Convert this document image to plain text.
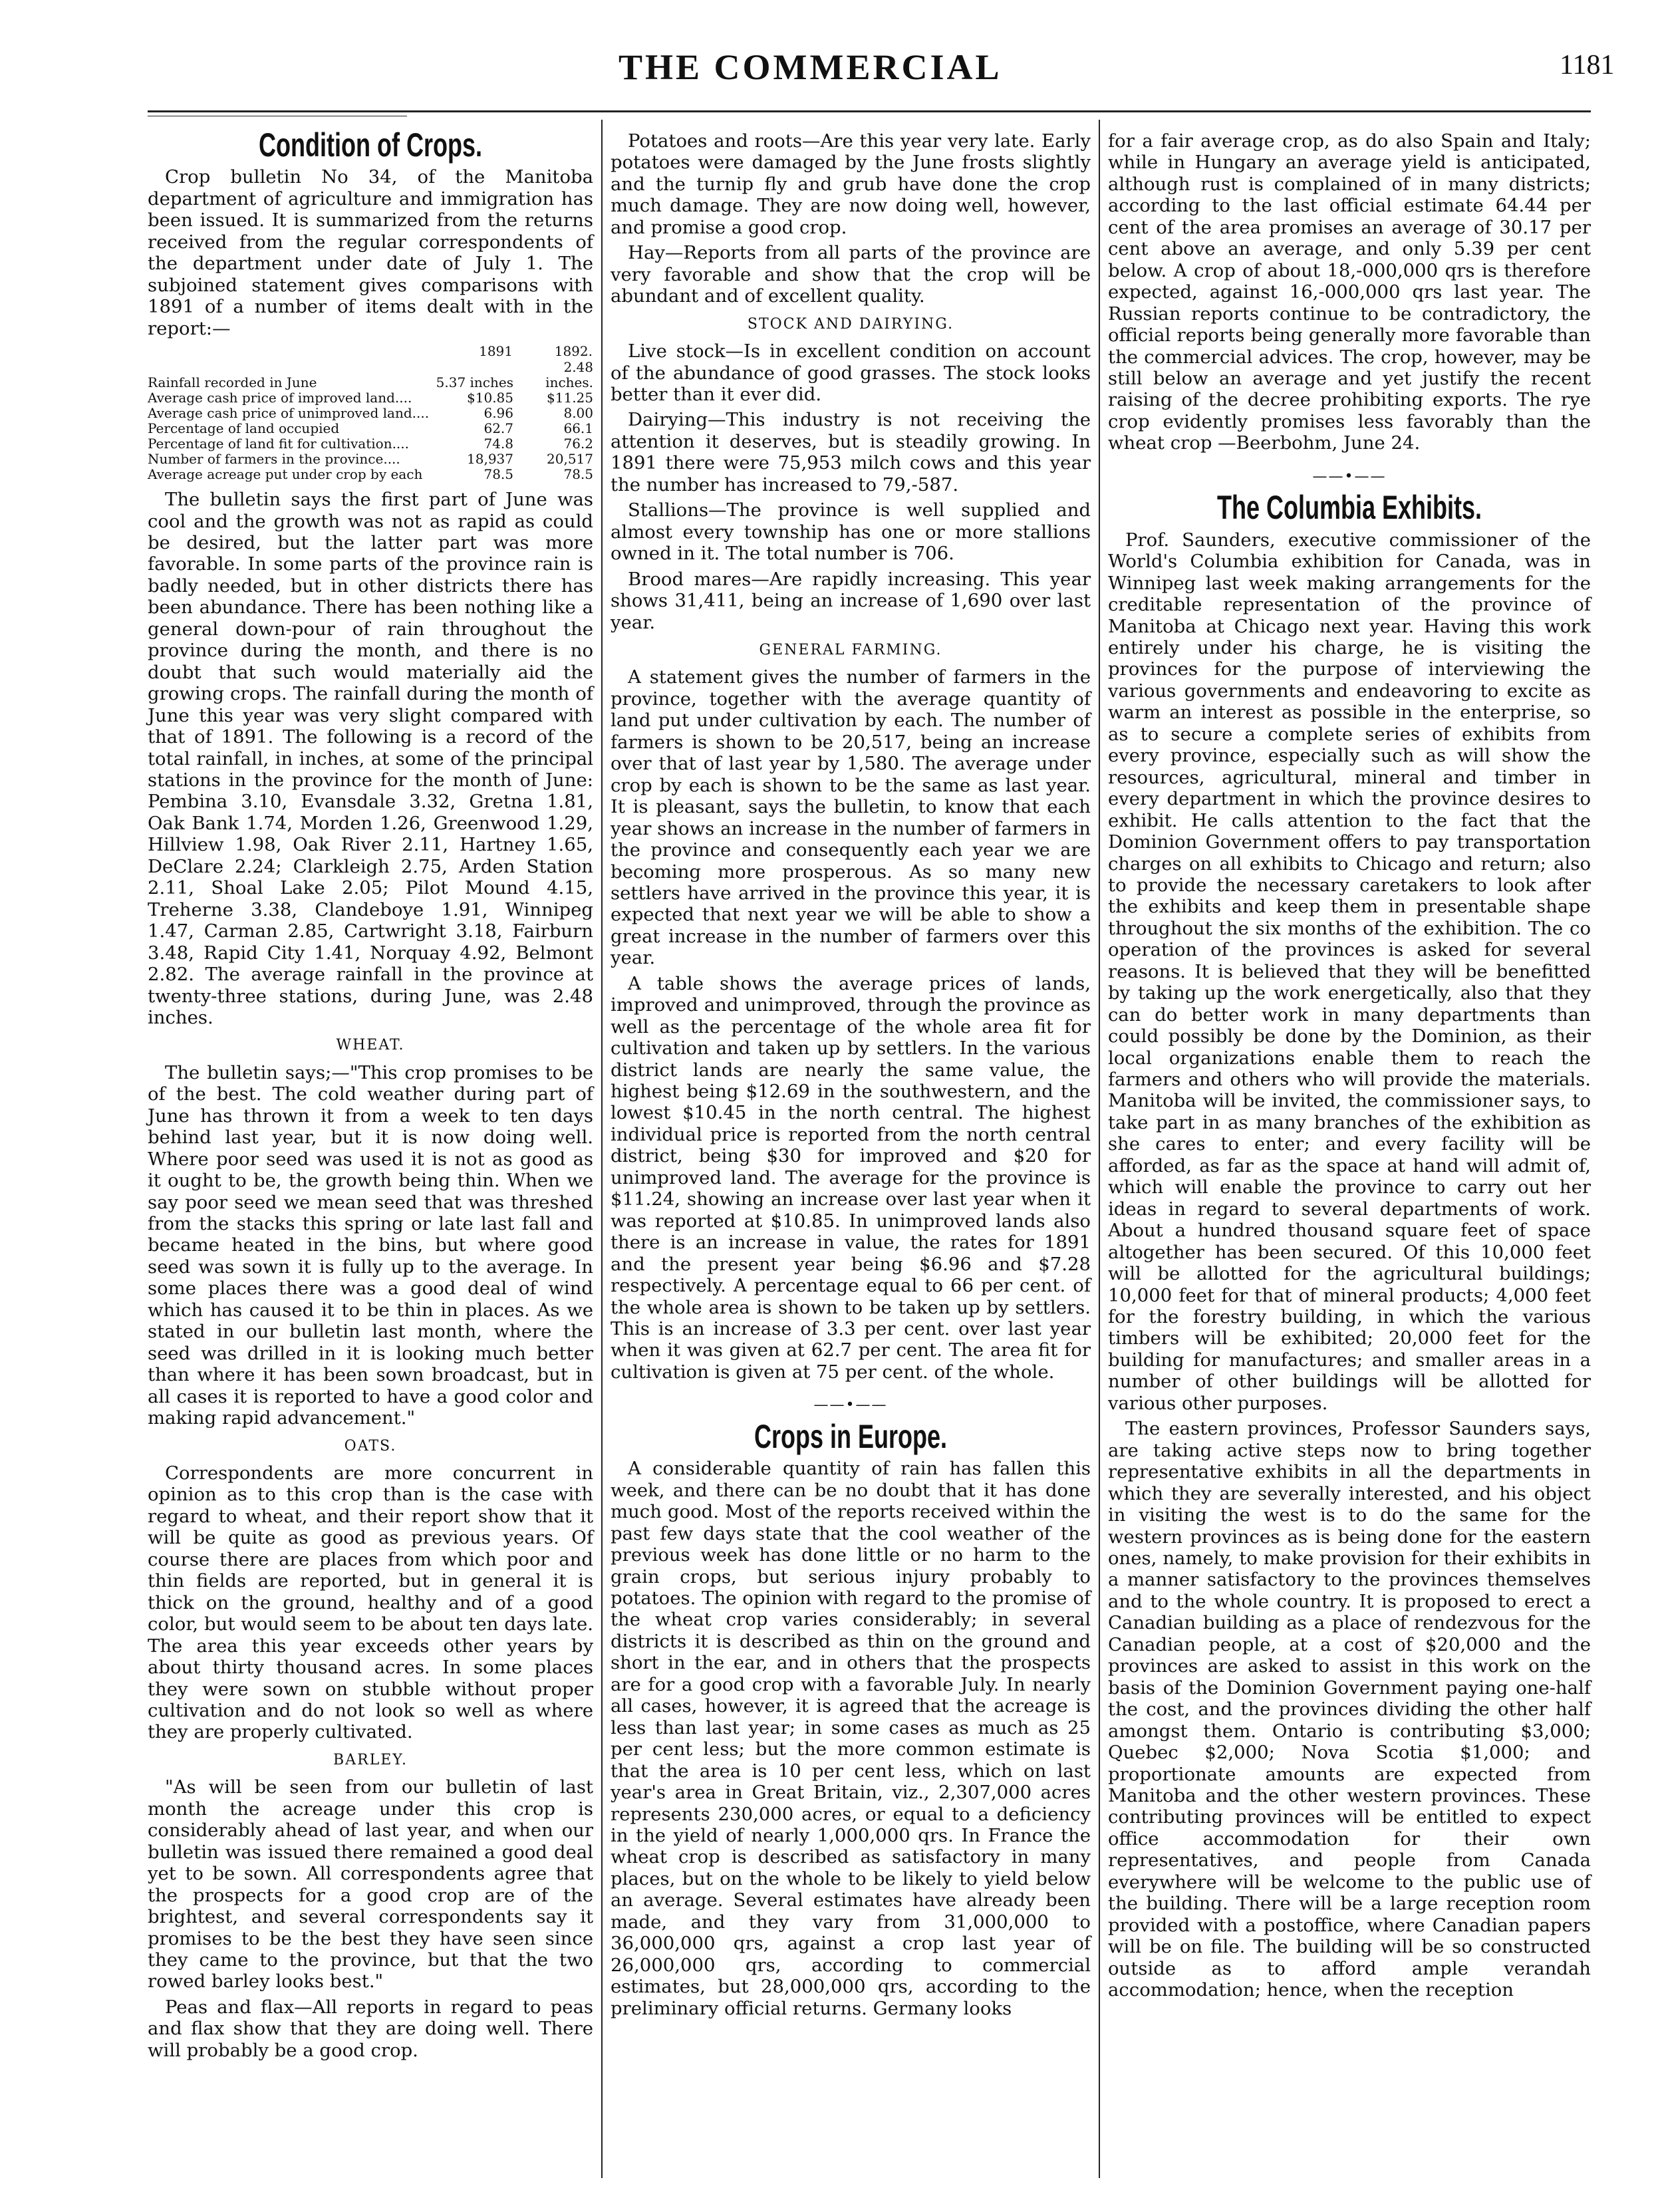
THE COMMERCIAL	1181
Condition of Crops.

Crop bulletin No 34, of the Manitoba department of agriculture and immigration has been issued. It is summarized from the returns received from the regular correspondents of the department under date of July 1. The subjoined statement gives comparisons with 1891 of a number of items dealt with in the report:—

	1891	1892.
Rainfall recorded in June	5.37 inches	2.48 inches.
Average cash price of improved land....	$10.85	$11.25
Average cash price of unimproved land....	6.96	8.00
Percentage of land occupied	62.7	66.1
Percentage of land fit for cultivation....	74.8	76.2
Number of farmers in the province....	18,937	20,517
Average acreage put under crop by each	78.5	78.5

The bulletin says the first part of June was cool and the growth was not as rapid as could be desired, but the latter part was more favorable. In some parts of the province rain is badly needed, but in other districts there has been abundance. There has been nothing like a general down-pour of rain throughout the province during the month, and there is no doubt that such would materially aid the growing crops. The rainfall during the month of June this year was very slight compared with that of 1891. The following is a record of the total rainfall, in inches, at some of the principal stations in the province for the month of June: Pembina 3.10, Evansdale 3.32, Gretna 1.81, Oak Bank 1.74, Morden 1.26, Greenwood 1.29, Hillview 1.98, Oak River 2.11, Hartney 1.65, DeClare 2.24; Clarkleigh 2.75, Arden Station 2.11, Shoal Lake 2.05; Pilot Mound 4.15, Treherne 3.38, Clandeboye 1.91, Winnipeg 1.47, Carman 2.85, Cartwright 3.18, Fairburn 3.48, Rapid City 1.41, Norquay 4.92, Belmont 2.82. The average rainfall in the province at twenty-three stations, during June, was 2.48 inches.

WHEAT.

The bulletin says;—"This crop promises to be of the best. The cold weather during part of June has thrown it from a week to ten days behind last year, but it is now doing well. Where poor seed was used it is not as good as it ought to be, the growth being thin. When we say poor seed we mean seed that was threshed from the stacks this spring or late last fall and became heated in the bins, but where good seed was sown it is fully up to the average. In some places there was a good deal of wind which has caused it to be thin in places. As we stated in our bulletin last month, where the seed was drilled in it is looking much better than where it has been sown broadcast, but in all cases it is reported to have a good color and making rapid advancement."

OATS.

Correspondents are more concurrent in opinion as to this crop than is the case with regard to wheat, and their report show that it will be quite as good as previous years. Of course there are places from which poor and thin fields are reported, but in general it is thick on the ground, healthy and of a good color, but would seem to be about ten days late. The area this year exceeds other years by about thirty thousand acres. In some places they were sown on stubble without proper cultivation and do not look so well as where they are properly cultivated.

BARLEY.

"As will be seen from our bulletin of last month the acreage under this crop is considerably ahead of last year, and when our bulletin was issued there remained a good deal yet to be sown. All correspondents agree that the prospects for a good crop are of the brightest, and several correspondents say it promises to be the best they have seen since they came to the province, but that the two rowed barley looks best."

Peas and flax—All reports in regard to peas and flax show that they are doing well. There will probably be a good crop.

Potatoes and roots—Are this year very late. Early potatoes were damaged by the June frosts slightly and the turnip fly and grub have done the crop much damage. They are now doing well, however, and promise a good crop.

Hay—Reports from all parts of the province are very favorable and show that the crop will be abundant and of excellent quality.

STOCK AND DAIRYING.

Live stock—Is in excellent condition on account of the abundance of good grasses. The stock looks better than it ever did.

Dairying—This industry is not receiving the attention it deserves, but is steadily growing. In 1891 there were 75,953 milch cows and this year the number has increased to 79,-587.

Stallions—The province is well supplied and almost every township has one or more stallions owned in it. The total number is 706.

Brood mares—Are rapidly increasing. This year shows 31,411, being an increase of 1,690 over last year.

GENERAL FARMING.

A statement gives the number of farmers in the province, together with the average quantity of land put under cultivation by each. The number of farmers is shown to be 20,517, being an increase over that of last year by 1,580. The average under crop by each is shown to be the same as last year. It is pleasant, says the bulletin, to know that each year shows an increase in the number of farmers in the province and consequently each year we are becoming more prosperous. As so many new settlers have arrived in the province this year, it is expected that next year we will be able to show a great increase in the number of farmers over this year.

A table shows the average prices of lands, improved and unimproved, through the province as well as the percentage of the whole area fit for cultivation and taken up by settlers. In the various district lands are nearly the same value, the highest being $12.69 in the southwestern, and the lowest $10.45 in the north central. The highest individual price is reported from the north central district, being $30 for improved and $20 for unimproved land. The average for the province is $11.24, showing an increase over last year when it was reported at $10.85. In unimproved lands also there is an increase in value, the rates for 1891 and the present year being $6.96 and $7.28 respectively. A percentage equal to 66 per cent. of the whole area is shown to be taken up by settlers. This is an increase of 3.3 per cent. over last year when it was given at 62.7 per cent. The area fit for cultivation is given at 75 per cent. of the whole.

——•——
Crops in Europe.

A considerable quantity of rain has fallen this week, and there can be no doubt that it has done much good. Most of the reports received within the past few days state that the cool weather of the previous week has done little or no harm to the grain crops, but serious injury probably to potatoes. The opinion with regard to the promise of the wheat crop varies considerably; in several districts it is described as thin on the ground and short in the ear, and in others that the prospects are for a good crop with a favorable July. In nearly all cases, however, it is agreed that the acreage is less than last year; in some cases as much as 25 per cent less; but the more common estimate is that the area is 10 per cent less, which on last year's area in Great Britain, viz., 2,307,000 acres represents 230,000 acres, or equal to a deficiency in the yield of nearly 1,000,000 qrs. In France the wheat crop is described as satisfactory in many places, but on the whole to be likely to yield below an average. Several estimates have already been made, and they vary from 31,000,000 to 36,000,000 qrs, against a crop last year of 26,000,000 qrs, according to commercial estimates, but 28,000,000 qrs, according to the preliminary official returns. Germany looks

for a fair average crop, as do also Spain and Italy; while in Hungary an average yield is anticipated, although rust is complained of in many districts; according to the last official estimate 64.44 per cent of the area promises an average of 30.17 per cent above an average, and only 5.39 per cent below. A crop of about 18,-000,000 qrs is therefore expected, against 16,-000,000 qrs last year. The Russian reports continue to be contradictory, the official reports being generally more favorable than the commercial advices. The crop, however, may be still below an average and yet justify the recent raising of the decree prohibiting exports. The rye crop evidently promises less favorably than the wheat crop —Beerbohm, June 24.

——•——
The Columbia Exhibits.

Prof. Saunders, executive commissioner of the World's Columbia exhibition for Canada, was in Winnipeg last week making arrangements for the creditable representation of the province of Manitoba at Chicago next year. Having this work entirely under his charge, he is visiting the provinces for the purpose of interviewing the various governments and endeavoring to excite as warm an interest as possible in the enterprise, so as to secure a complete series of exhibits from every province, especially such as will show the resources, agricultural, mineral and timber in every department in which the province desires to exhibit. He calls attention to the fact that the Dominion Government offers to pay transportation charges on all exhibits to Chicago and return; also to provide the necessary caretakers to look after the exhibits and keep them in presentable shape throughout the six months of the exhibition. The co operation of the provinces is asked for several reasons. It is believed that they will be benefitted by taking up the work energetically, also that they can do better work in many departments than could possibly be done by the Dominion, as their local organizations enable them to reach the farmers and others who will provide the materials. Manitoba will be invited, the commissioner says, to take part in as many branches of the exhibition as she cares to enter; and every facility will be afforded, as far as the space at hand will admit of, which will enable the province to carry out her ideas in regard to several departments of work. About a hundred thousand square feet of space altogether has been secured. Of this 10,000 feet will be allotted for the agricultural buildings; 10,000 feet for that of mineral products; 4,000 feet for the forestry building, in which the various timbers will be exhibited; 20,000 feet for the building for manufactures; and smaller areas in a number of other buildings will be allotted for various other purposes.

The eastern provinces, Professor Saunders says, are taking active steps now to bring together representative exhibits in all the departments in which they are severally interested, and his object in visiting the west is to do the same for the western provinces as is being done for the eastern ones, namely, to make provision for their exhibits in a manner satisfactory to the provinces themselves and to the whole country. It is proposed to erect a Canadian building as a place of rendezvous for the Canadian people, at a cost of $20,000 and the provinces are asked to assist in this work on the basis of the Dominion Government paying one-half the cost, and the provinces dividing the other half amongst them. Ontario is contributing $3,000; Quebec $2,000; Nova Scotia $1,000; and proportionate amounts are expected from Manitoba and the other western provinces. These contributing provinces will be entitled to expect office accommodation for their own representatives, and people from Canada everywhere will be welcome to the public use of the building. There will be a large reception room provided with a postoffice, where Canadian papers will be on file. The building will be so constructed outside as to afford ample verandah accommodation; hence, when the reception
